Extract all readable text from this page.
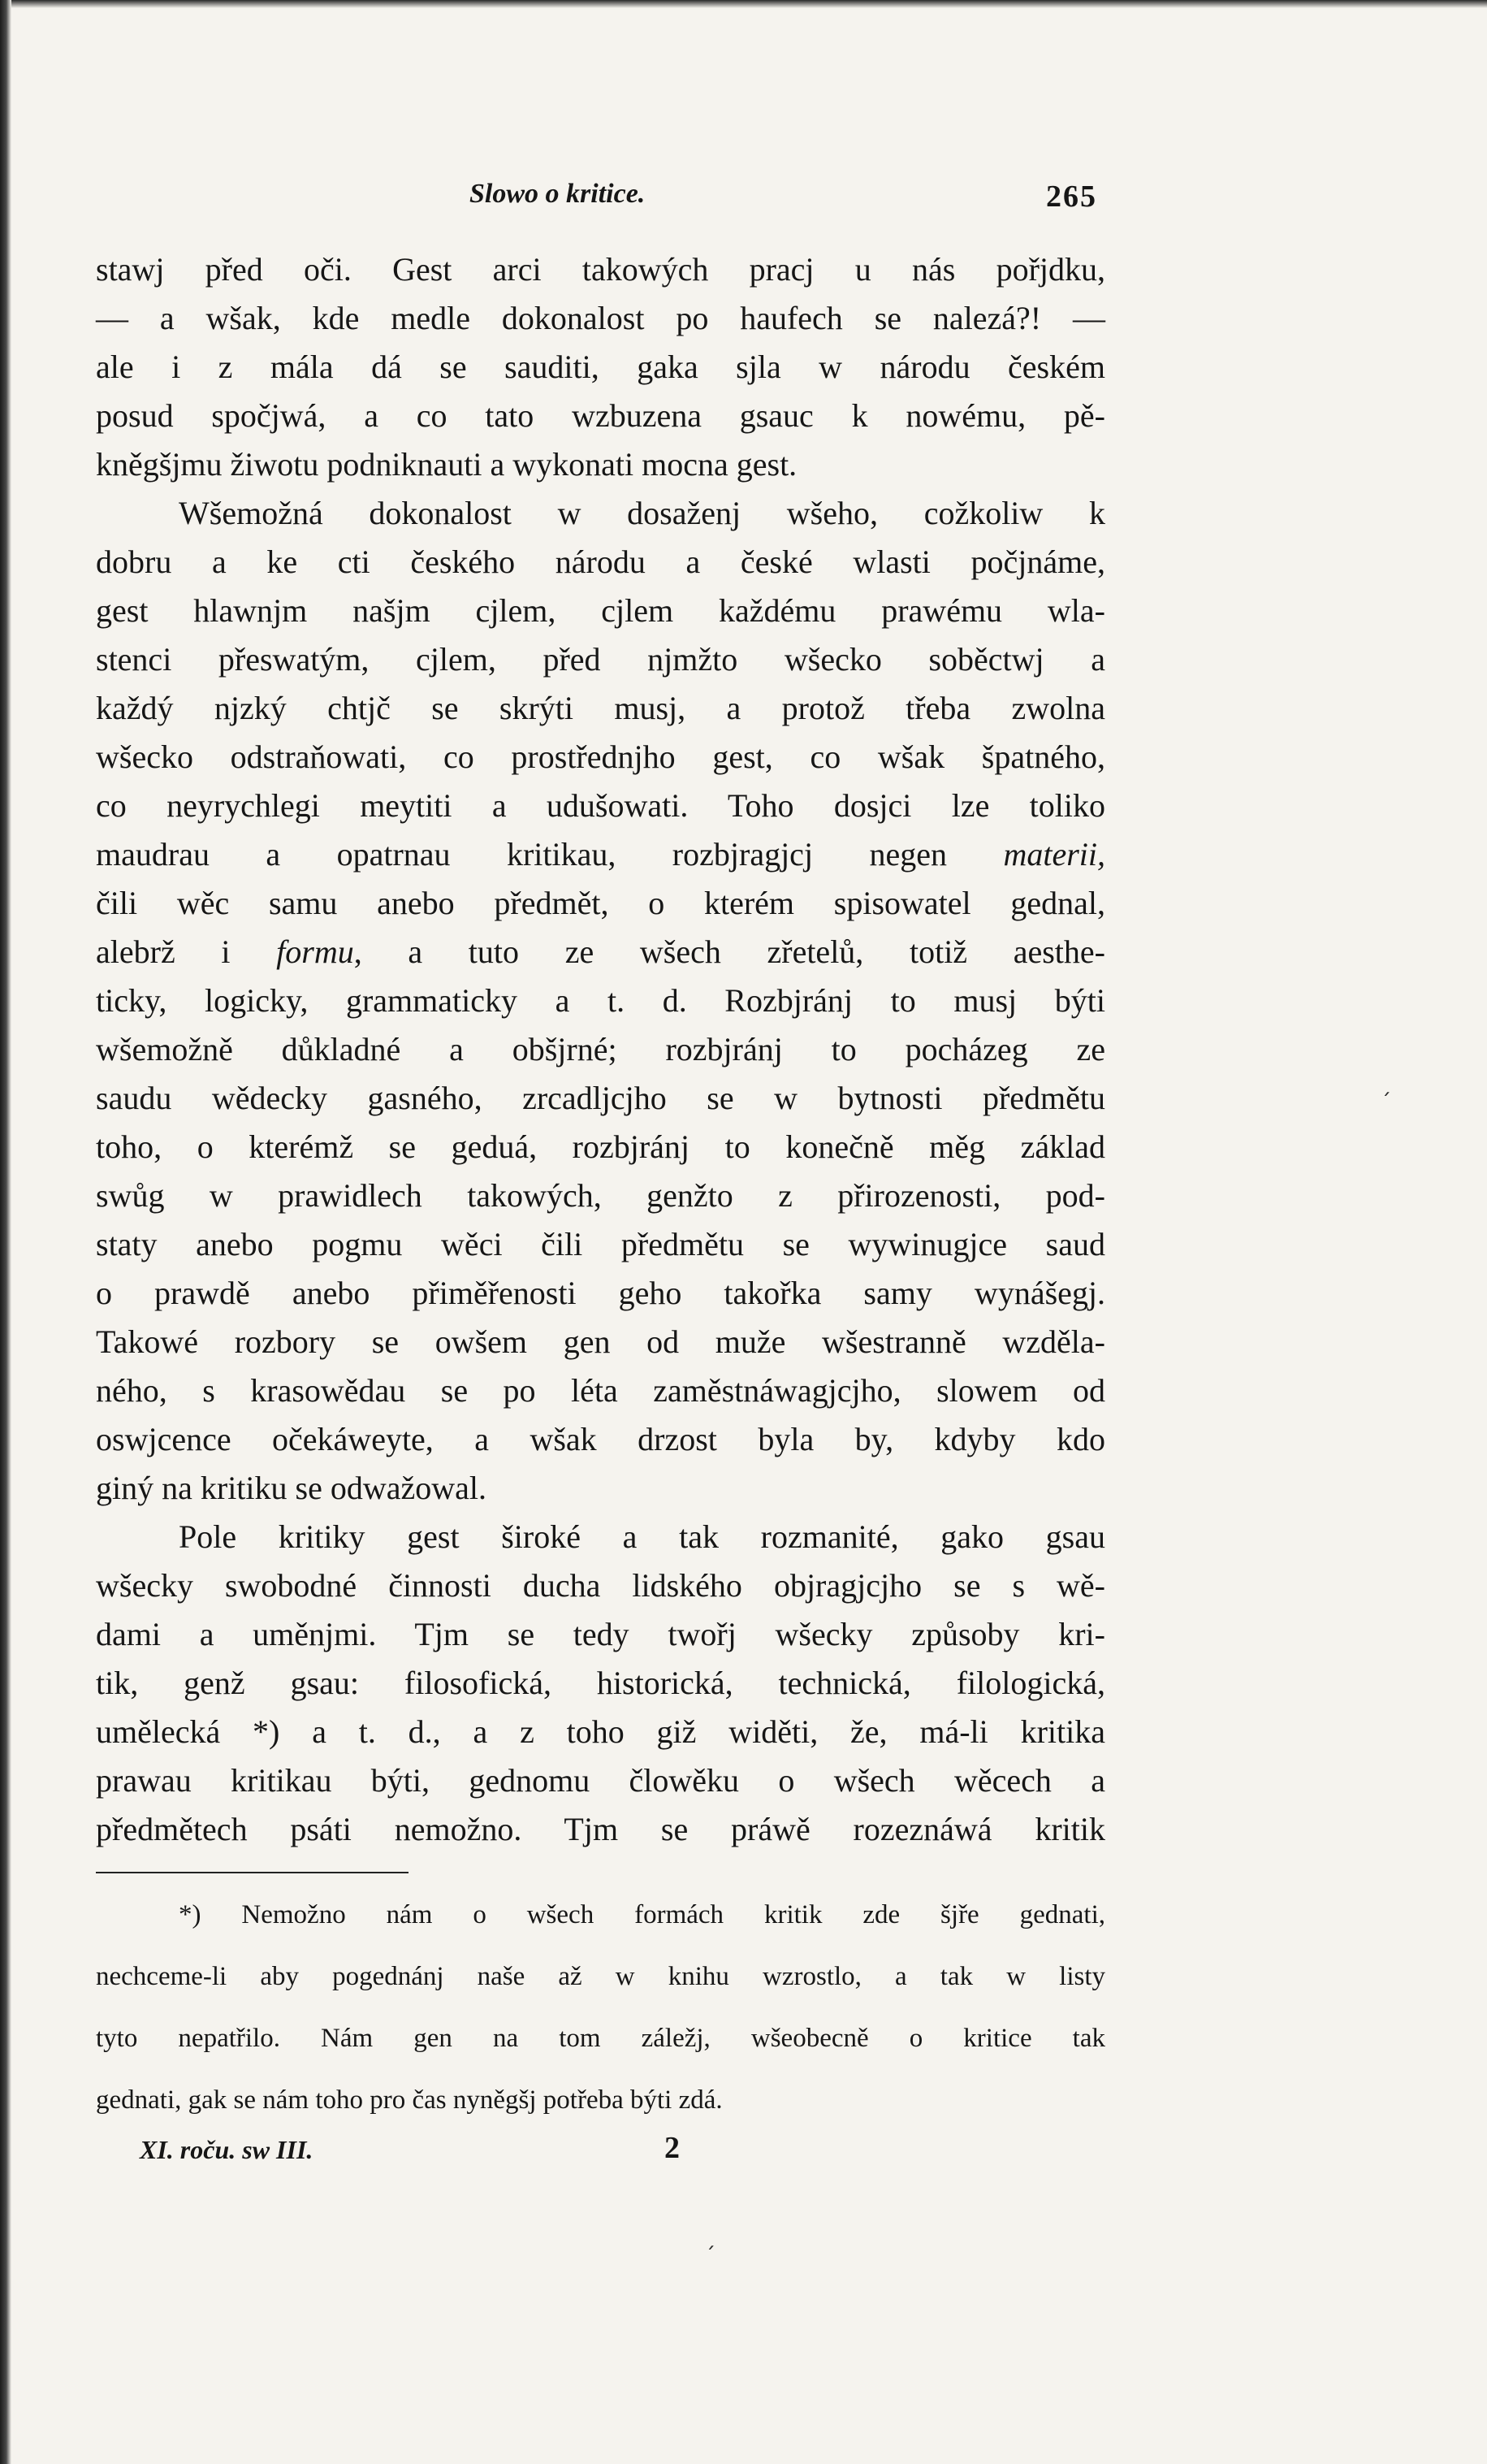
Slowo o kritice.	265

stawj před oči. Gest arci takowých pracj u nás pořjdku,

— a wšak, kde medle dokonalost po haufech se nalezá?! —

ale i z mála dá se sauditi, gaka sjla w národu českém

posud spočjwá, a co tato wzbuzena gsauc k nowému, pě-

kněgšjmu žiwotu podniknauti a wykonati mocna gest.

Wšemožná dokonalost w dosaženj wšeho, cožkoliw k

dobru a ke cti českého národu a české wlasti počjnáme,

gest hlawnjm našjm cjlem, cjlem každému prawému wla-

stenci přeswatým, cjlem, před njmžto wšecko soběctwj a

každý njzký chtjč se skrýti musj, a protož třeba zwolna

wšecko odstraňowati, co prostřednjho gest, co wšak špatného,

co neyrychlegi meytiti a udušowati. Toho dosjci lze toliko

maudrau a opatrnau kritikau, rozbjragjcj negen materii,

čili wěc samu anebo předmět, o kterém spisowatel gednal,

alebrž i formu, a tuto ze wšech zřetelů, totiž aesthe-

ticky, logicky, grammaticky a t. d. Rozbjránj to musj býti

wšemožně důkladné a obšjrné; rozbjránj to pocházeg ze

saudu wědecky gasného, zrcadljcjho se w bytnosti předmětu

toho, o kterémž se geduá, rozbjránj to konečně měg základ

swůg w prawidlech takowých, genžto z přirozenosti, pod-

staty anebo pogmu wěci čili předmětu se wywinugjce saud

o prawdě anebo přiměřenosti geho takořka samy wynášegj.

Takowé rozbory se owšem gen od muže wšestranně wzděla-

ného, s krasowědau se po léta zaměstnáwagjcjho, slowem od

oswjcence očekáweyte, a wšak drzost byla by, kdyby kdo

giný na kritiku se odwažowal.

Pole kritiky gest široké a tak rozmanité, gako gsau

wšecky swobodné činnosti ducha lidského objragjcjho se s wě-

dami a uměnjmi. Tjm se tedy twořj wšecky způsoby kri-

tik, genž gsau: filosofická, historická, technická, filologická,

umělecká *) a t. d., a z toho giž widěti, že, má-li kritika

prawau kritikau býti, gednomu člowěku o wšech wěcech a

předmětech psáti nemožno. Tjm se práwě rozeznáwá kritik

*) Nemožno nám o wšech formách kritik zde šjře gednati,

nechceme-li aby pogednánj naše až w knihu wzrostlo, a tak w listy

tyto nepatřilo. Nám gen na tom záležj, wšeobecně o kritice tak

gednati, gak se nám toho pro čas nyněgšj potřeba býti zdá.

XI. roču. sw III.	2
ˏ
ˏ
